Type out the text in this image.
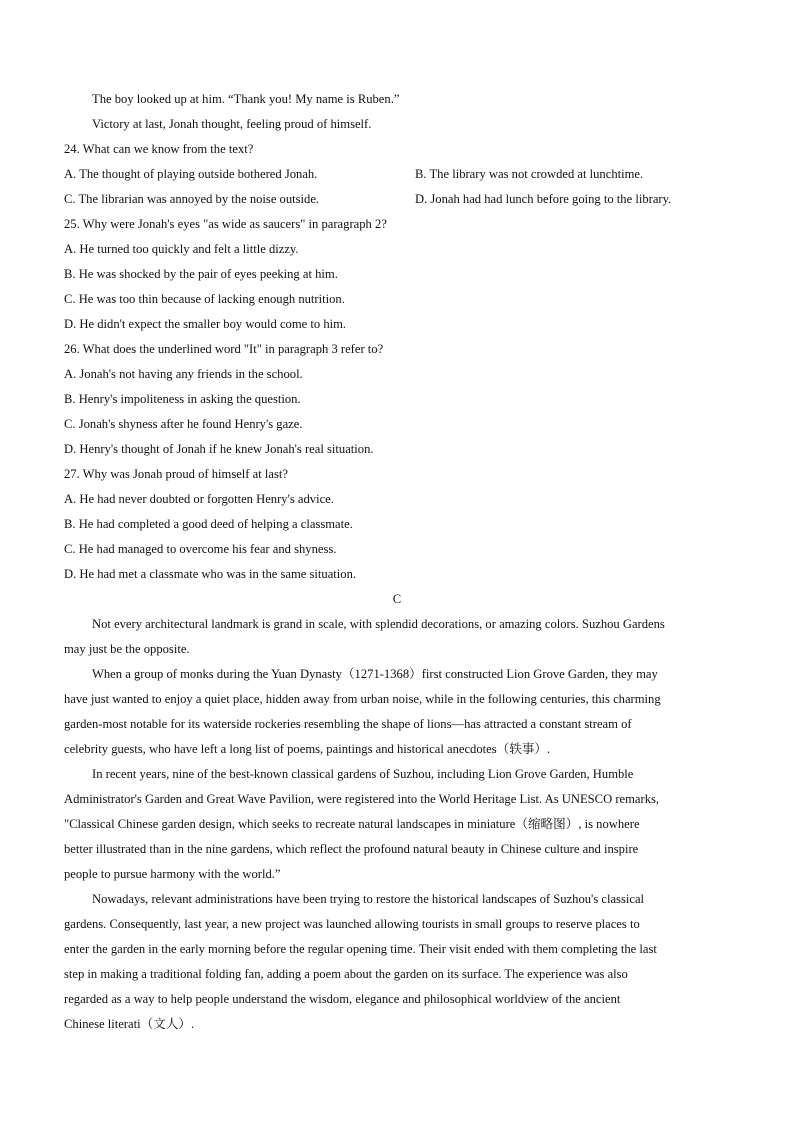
The boy looked up at him. “Thank you! My name is Ruben.”
Victory at last, Jonah thought, feeling proud of himself.
24. What can we know from the text?
A. The thought of playing outside bothered Jonah.	B. The library was not crowded at lunchtime.
C. The librarian was annoyed by the noise outside.	D. Jonah had had lunch before going to the library.
25. Why were Jonah's eyes "as wide as saucers" in paragraph 2?
A. He turned too quickly and felt a little dizzy.
B. He was shocked by the pair of eyes peeking at him.
C. He was too thin because of lacking enough nutrition.
D. He didn't expect the smaller boy would come to him.
26. What does the underlined word "It" in paragraph 3 refer to?
A. Jonah's not having any friends in the school.
B. Henry's impoliteness in asking the question.
C. Jonah's shyness after he found Henry's gaze.
D. Henry's thought of Jonah if he knew Jonah's real situation.
27. Why was Jonah proud of himself at last?
A. He had never doubted or forgotten Henry's advice.
B. He had completed a good deed of helping a classmate.
C. He had managed to overcome his fear and shyness.
D. He had met a classmate who was in the same situation.
C
Not every architectural landmark is grand in scale, with splendid decorations, or amazing colors. Suzhou Gardens
may just be the opposite.
When a group of monks during the Yuan Dynasty（1271-1368）first constructed Lion Grove Garden, they may
have just wanted to enjoy a quiet place, hidden away from urban noise, while in the following centuries, this charming
garden-most notable for its waterside rockeries resembling the shape of lions—has attracted a constant stream of
celebrity guests, who have left a long list of poems, paintings and historical anecdotes（轶事）.
In recent years, nine of the best-known classical gardens of Suzhou, including Lion Grove Garden, Humble
Administrator's Garden and Great Wave Pavilion, were registered into the World Heritage List. As UNESCO remarks,
"Classical Chinese garden design, which seeks to recreate natural landscapes in miniature（缩略图）, is nowhere
better illustrated than in the nine gardens, which reflect the profound natural beauty in Chinese culture and inspire
people to pursue harmony with the world.”
Nowadays, relevant administrations have been trying to restore the historical landscapes of Suzhou's classical
gardens. Consequently, last year, a new project was launched allowing tourists in small groups to reserve places to
enter the garden in the early morning before the regular opening time. Their visit ended with them completing the last
step in making a traditional folding fan, adding a poem about the garden on its surface. The experience was also
regarded as a way to help people understand the wisdom, elegance and philosophical worldview of the ancient
Chinese literati（文人）.
